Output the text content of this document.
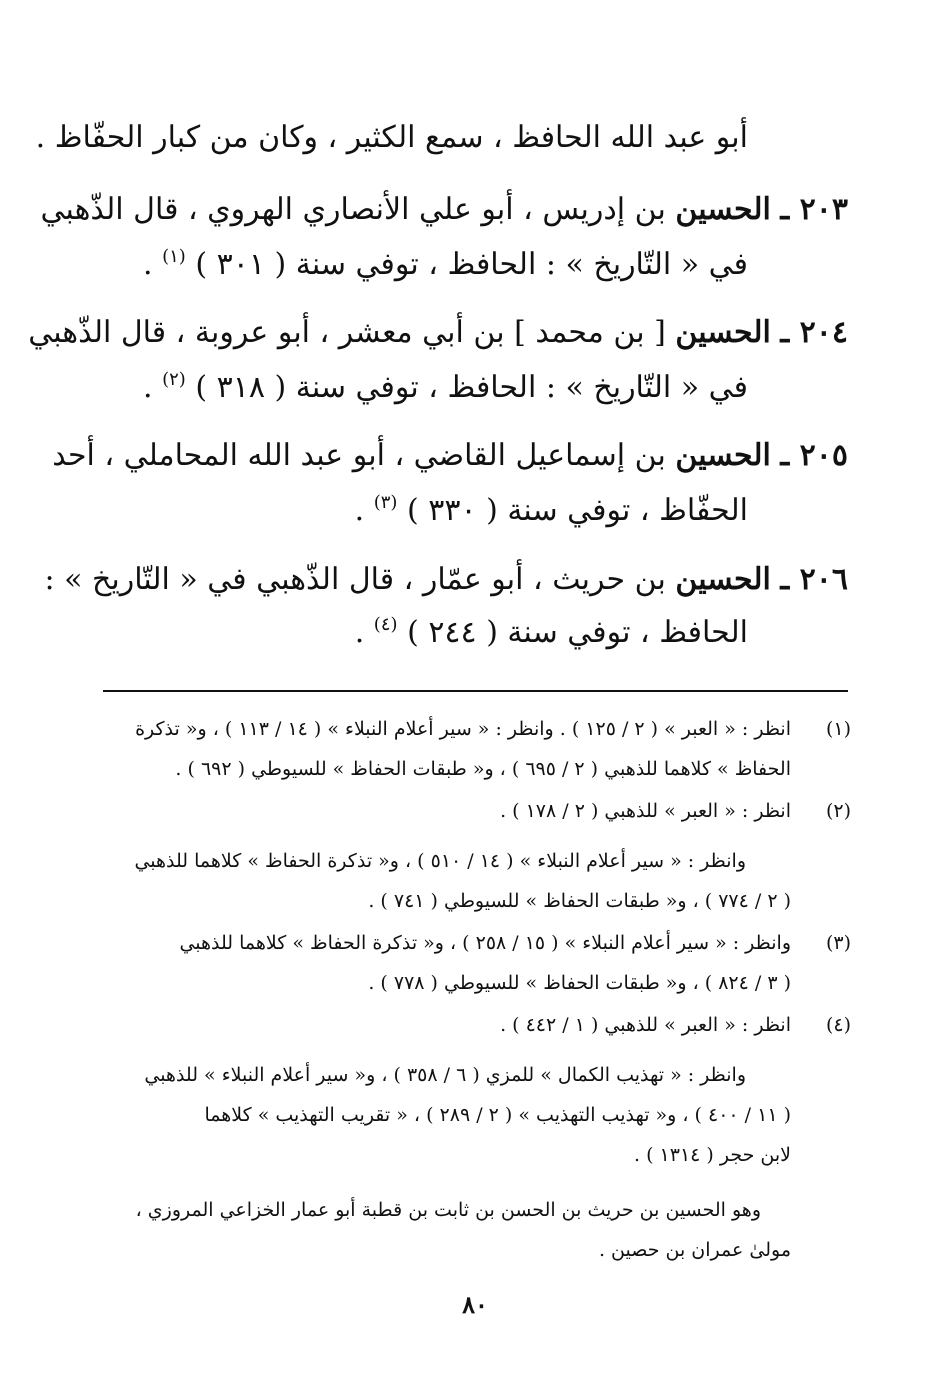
أبو عبد الله الحافظ ، سمع الكثير ، وكان من كبار الحفّاظ .
٢٠٣ ـ الحسين بن إدريس ، أبو علي الأنصاري الهروي ، قال الذّهبي
في « التّاريخ » : الحافظ ، توفي سنة ( ٣٠١ ) $^{(١)}$ .
٢٠٤ ـ الحسين [ بن محمد ] بن أبي معشر ، أبو عروبة ، قال الذّهبي
في « التّاريخ » : الحافظ ، توفي سنة ( ٣١٨ ) $^{(٢)}$ .
٢٠٥ ـ الحسين بن إسماعيل القاضي ، أبو عبد الله المحاملي ، أحد
الحفّاظ ، توفي سنة ( ٣٣٠ ) $^{(٣)}$ .
٢٠٦ ـ الحسين بن حريث ، أبو عمّار ، قال الذّهبي في « التّاريخ » :
الحافظ ، توفي سنة ( ٢٤٤ ) $^{(٤)}$ .
(١)
انظر : « العبر » ( ٢ / ١٢٥ ) . وانظر : « سير أعلام النبلاء » ( ١٤ / ١١٣ ) ، و« تذكرة
الحفاظ » كلاهما للذهبي ( ٢ / ٦٩٥ ) ، و« طبقات الحفاظ » للسيوطي ( ٦٩٢ ) .
(٢)
انظر : « العبر » للذهبي ( ٢ / ١٧٨ ) .
وانظر : « سير أعلام النبلاء » ( ١٤ / ٥١٠ ) ، و« تذكرة الحفاظ » كلاهما للذهبي
( ٢ / ٧٧٤ ) ، و« طبقات الحفاظ » للسيوطي ( ٧٤١ ) .
(٣)
وانظر : « سير أعلام النبلاء » ( ١٥ / ٢٥٨ ) ، و« تذكرة الحفاظ » كلاهما للذهبي
( ٣ / ٨٢٤ ) ، و« طبقات الحفاظ » للسيوطي ( ٧٧٨ ) .
(٤)
انظر : « العبر » للذهبي ( ١ / ٤٤٢ ) .
وانظر : « تهذيب الكمال » للمزي ( ٦ / ٣٥٨ ) ، و« سير أعلام النبلاء » للذهبي
( ١١ / ٤٠٠ ) ، و« تهذيب التهذيب » ( ٢ / ٢٨٩ ) ، « تقريب التهذيب » كلاهما
لابن حجر ( ١٣١٤ ) .
وهو الحسين بن حريث بن الحسن بن ثابت بن قطبة أبو عمار الخزاعي المروزي ،
مولىٰ عمران بن حصين .
٨٠
